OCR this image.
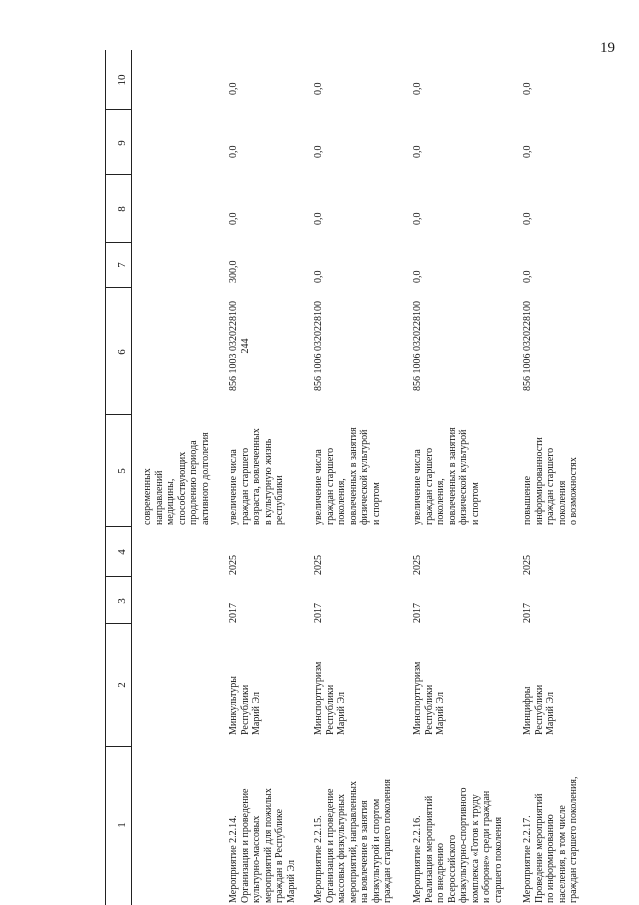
19
1
2
3
4
5
6
7
8
9
10
современных
направлений
медицины,
способствующих
продлению периода
активного долголетия
Мероприятие 2.2.14.
Организация и проведение
культурно-массовых
мероприятий для пожилых
граждан в Республике
Марий Эл
Минкультуры
Республики
Марий Эл
2017
2025
увеличение числа
граждан старшего
возраста, вовлеченных
в культурную жизнь
республики
856 1003 0320228100
244
300,0
0,0
0,0
0,0
Мероприятие 2.2.15.
Организация и проведение
массовых физкультурных
мероприятий, направленных
на вовлечение в занятия
физкультурой и спортом
граждан старшего поколения
Минспорттуризм
Республики
Марий Эл
2017
2025
увеличение числа
граждан старшего
поколения,
вовлеченных в занятия
физической культурой
и спортом
856 1006 0320228100
0,0
0,0
0,0
0,0
Мероприятие 2.2.16.
Реализация мероприятий
по внедрению
Всероссийского
физкультурно-спортивного
комплекса «Готов к труду
и обороне» среди граждан
старшего поколения
Минспорттуризм
Республики
Марий Эл
2017
2025
увеличение числа
граждан старшего
поколения,
вовлеченных в занятия
физической культурой
и спортом
856 1006 0320228100
0,0
0,0
0,0
0,0
Мероприятие 2.2.17.
Проведение мероприятий
по информированию
населения, в том числе
граждан старшего поколения,
Минцифры
Республики
Марий Эл
2017
2025
повышение
информированности
граждан старшего
поколения
о возможностях
856 1006 0320228100
0,0
0,0
0,0
0,0
